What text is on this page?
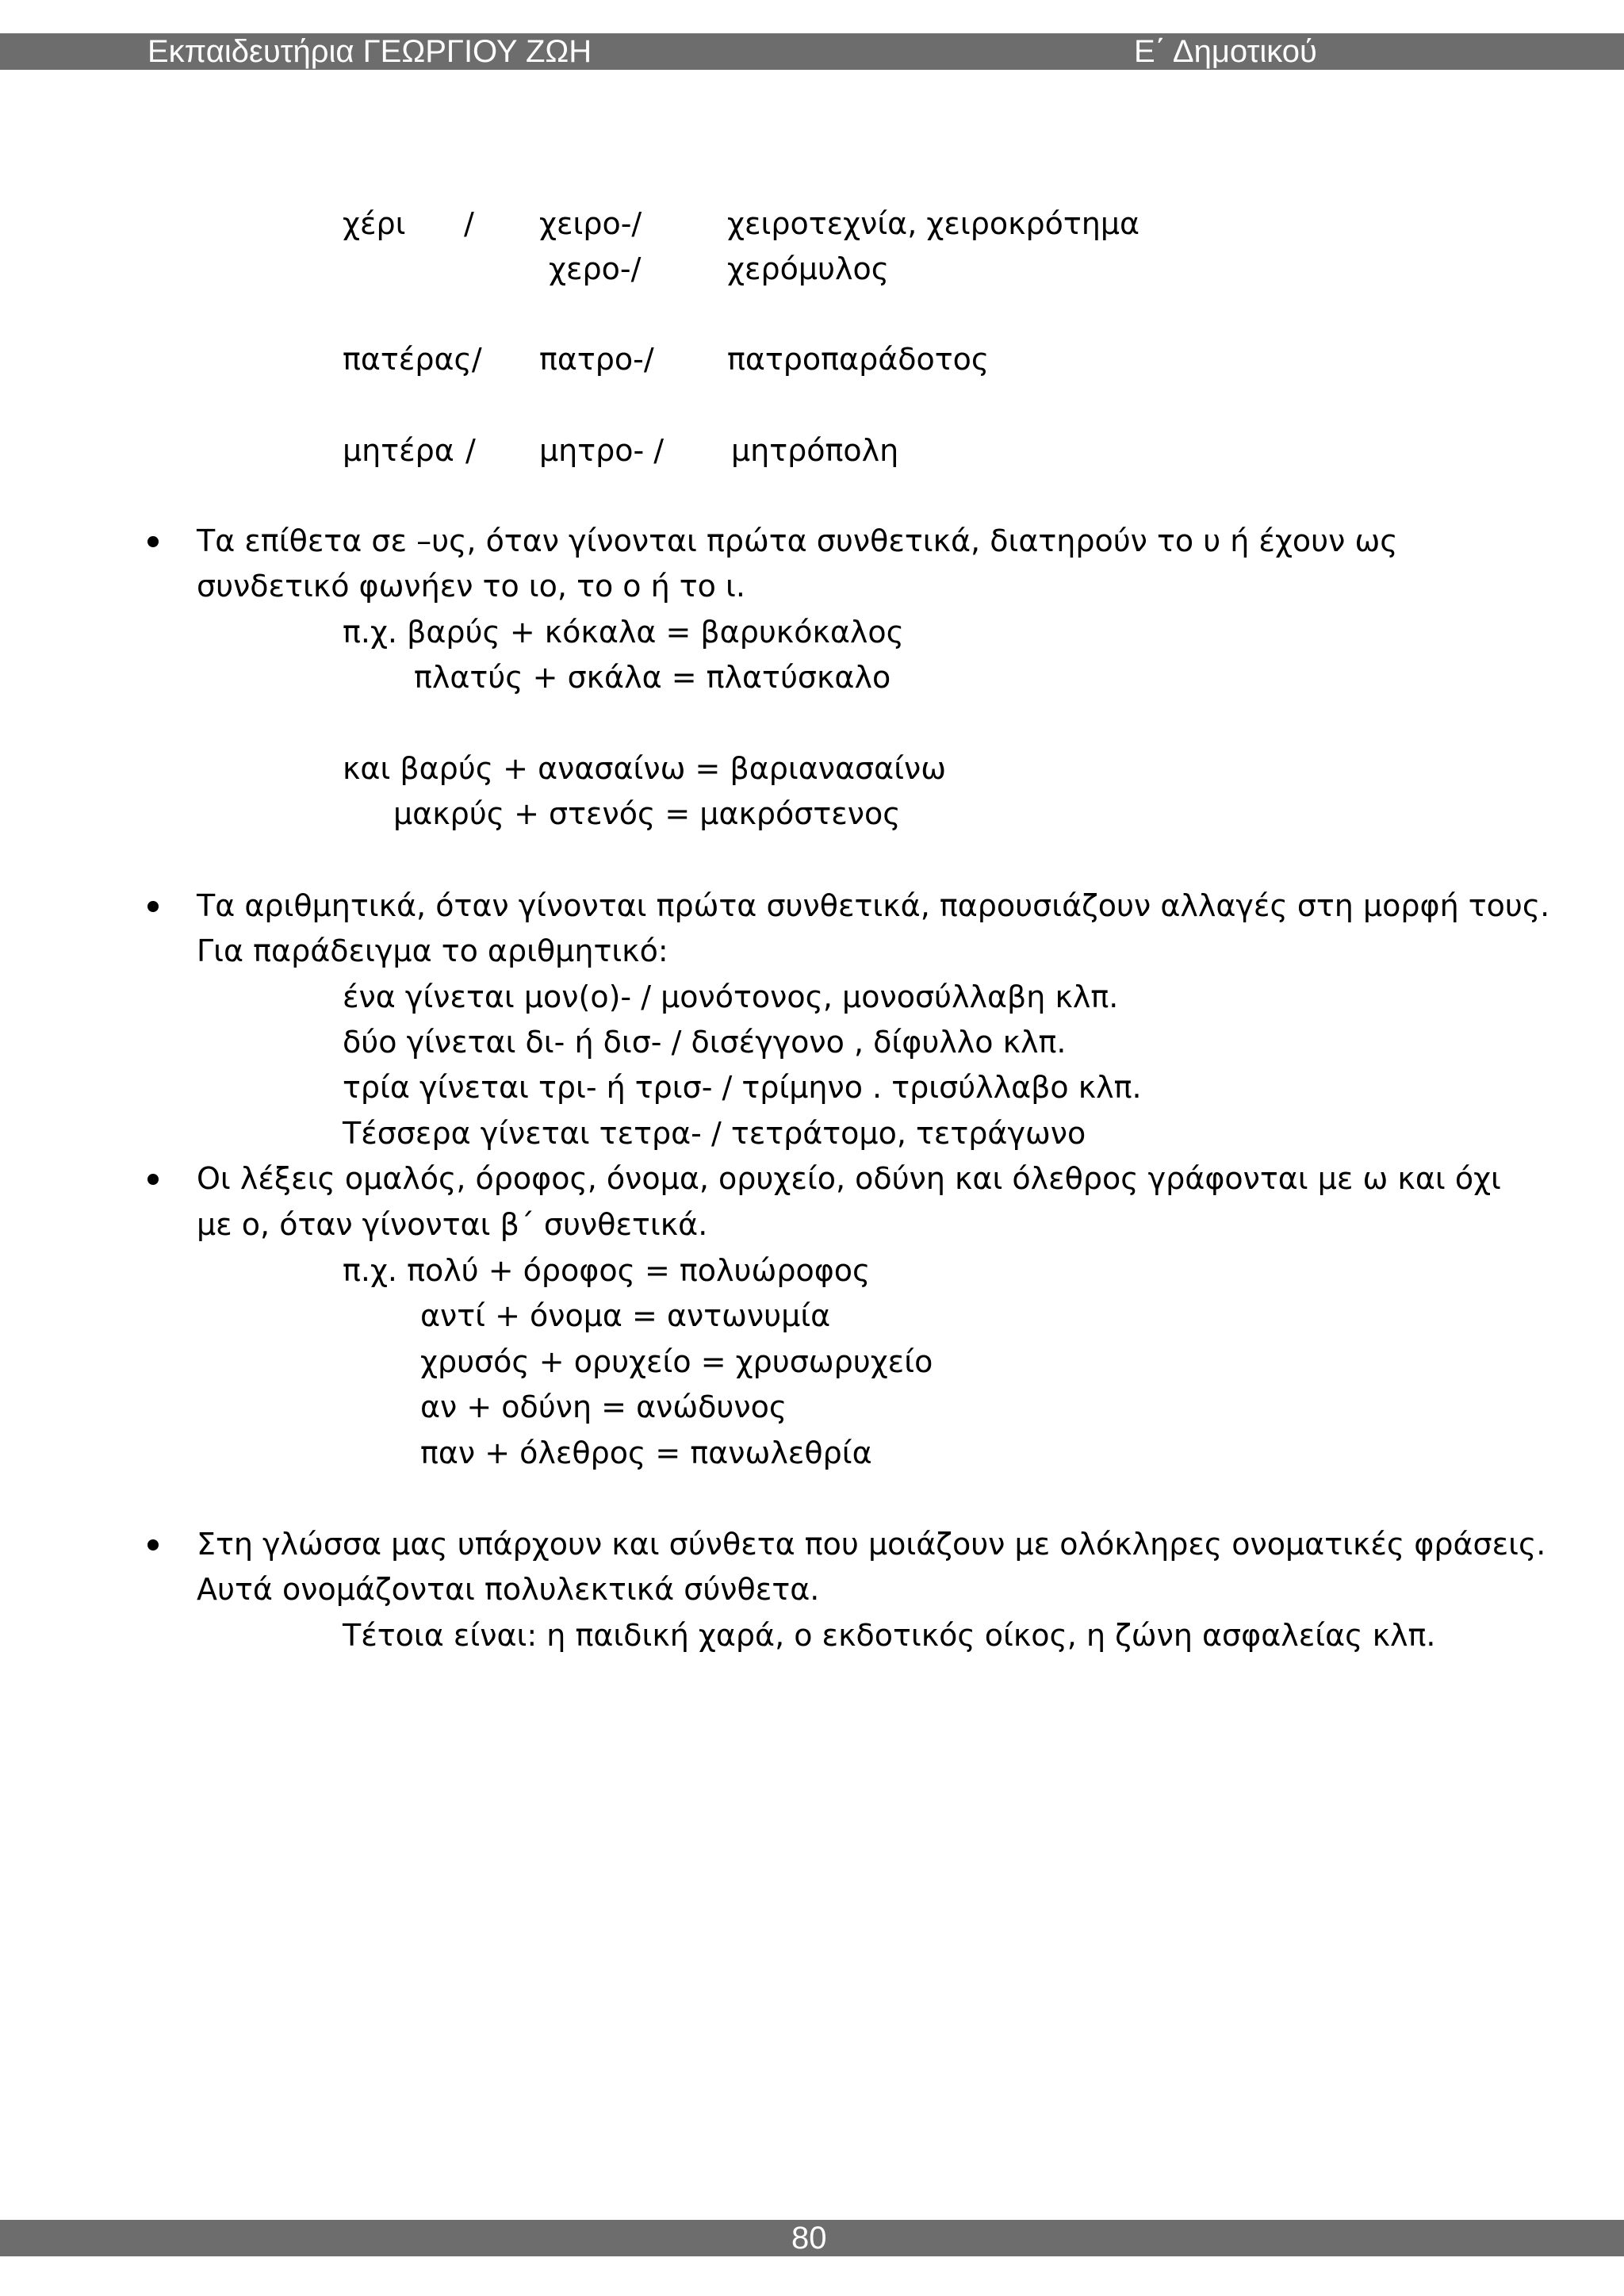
Εκπαιδευτήρια ΓΕΩΡΓΙΟΥ ΖΩΗ	Ε΄ Δημοτικού
χέρι / χειρο-/	χειροτεχνία, χειροκρότημα
χερο-/	χερόμυλος
πατέρας/ πατρο-/ πατροπαράδοτος
μητέρα / μητρο- / μητρόπολη
Τα επίθετα σε –υς, όταν γίνονται πρώτα συνθετικά, διατηρούν το υ ή έχουν ως
συνδετικό φωνήεν το ιο, το ο ή το ι.
π.χ. βαρύς + κόκαλα = βαρυκόκαλος
πλατύς + σκάλα = πλατύσκαλο
και βαρύς + ανασαίνω = βαριανασαίνω
μακρύς + στενός = μακρόστενος
Τα αριθμητικά, όταν γίνονται πρώτα συνθετικά, παρουσιάζουν αλλαγές στη μορφή τους.
Για παράδειγμα το αριθμητικό:
ένα γίνεται μον(ο)- / μονότονος, μονοσύλλαβη κλπ.
δύο γίνεται δι- ή δισ- / δισέγγονο , δίφυλλο κλπ.
τρία γίνεται τρι- ή τρισ- / τρίμηνο . τρισύλλαβο κλπ.
Τέσσερα γίνεται τετρα- / τετράτομο, τετράγωνο
Οι λέξεις ομαλός, όροφος, όνομα, ορυχείο, οδύνη και όλεθρος γράφονται με ω και όχι
με ο, όταν γίνονται β΄ συνθετικά.
π.χ. πολύ + όροφος = πολυώροφος
αντί + όνομα = αντωνυμία
χρυσός + ορυχείο = χρυσωρυχείο
αν + οδύνη = ανώδυνος
παν + όλεθρος = πανωλεθρία
Στη γλώσσα μας υπάρχουν και σύνθετα που μοιάζουν με ολόκληρες ονοματικές φράσεις.
Αυτά ονομάζονται πολυλεκτικά σύνθετα.
Τέτοια είναι: η παιδική χαρά, ο εκδοτικός οίκος, η ζώνη ασφαλείας κλπ.
80
